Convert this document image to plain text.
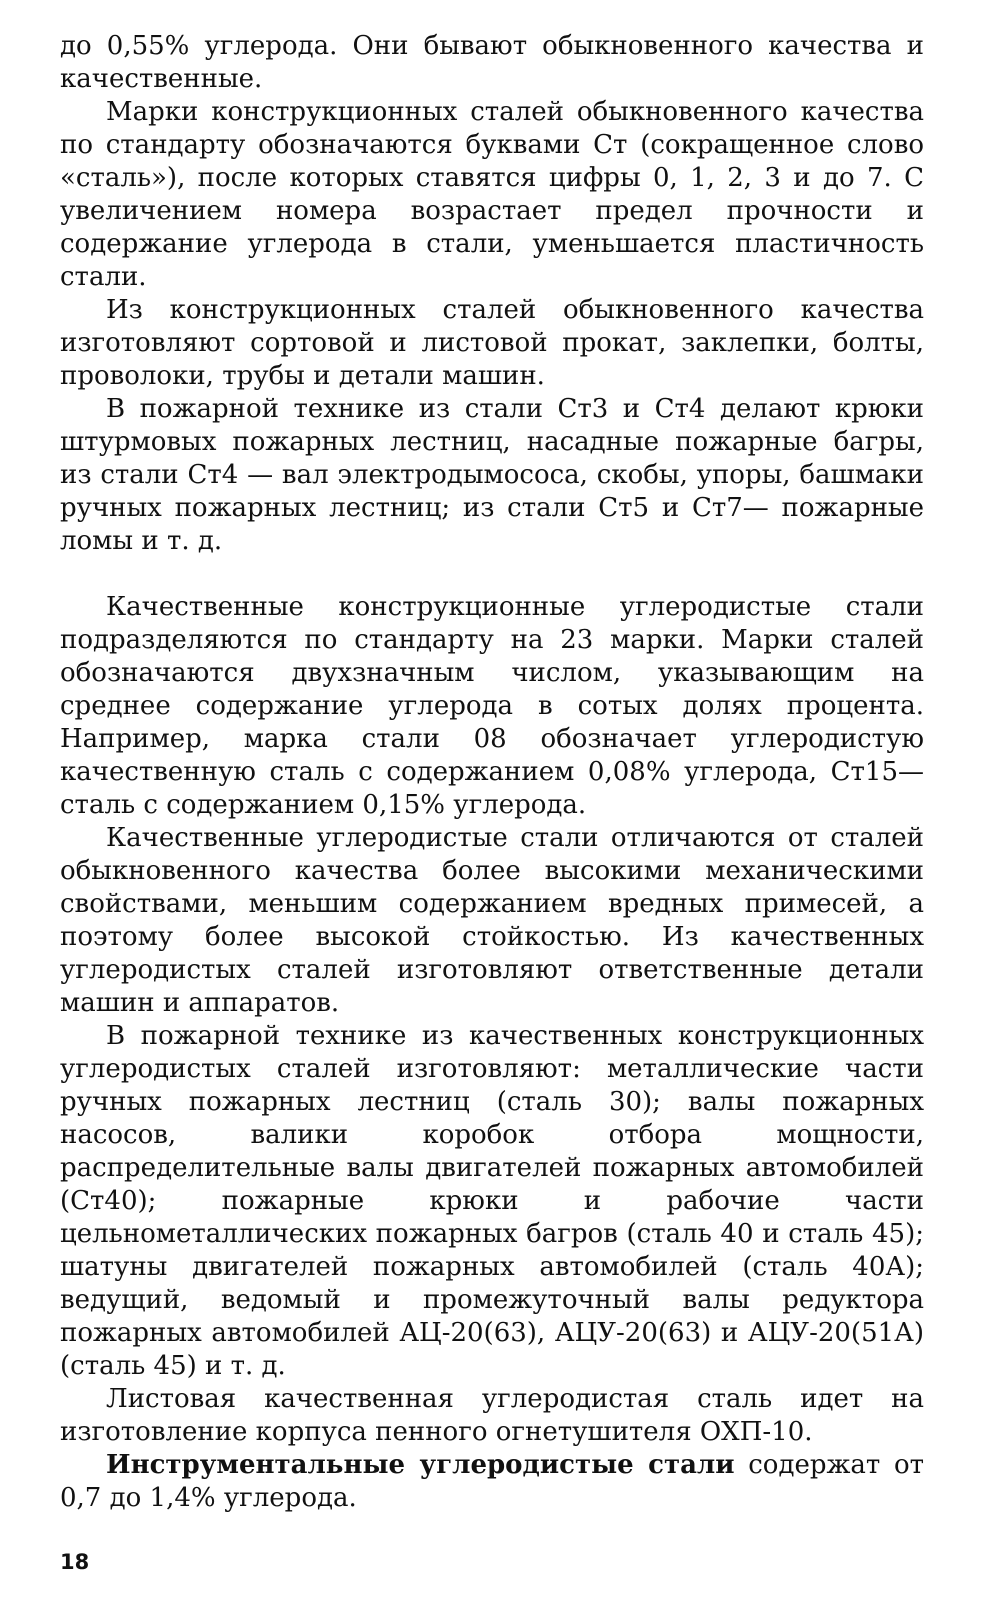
до 0,55% углерода. Они бывают обыкновенного качества и качественные.

Марки конструкционных сталей обыкновенного качества по стандарту обозначаются буквами Ст (сокращенное слово «сталь»), после которых ставятся цифры 0, 1, 2, 3 и до 7. С увеличением номера возрастает предел прочности и содержание углерода в стали, уменьшается пластичность стали.

Из конструкционных сталей обыкновенного качества изготовляют сортовой и листовой прокат, заклепки, болты, проволоки, трубы и детали машин.

В пожарной технике из стали Ст3 и Ст4 делают крюки штурмовых пожарных лестниц, насадные пожарные багры, из стали Ст4 — вал электродымососа, скобы, упоры, башмаки ручных пожарных лестниц; из стали Ст5 и Ст7— пожарные ломы и т. д.

Качественные конструкционные углеродистые стали подразделяются по стандарту на 23 марки. Марки сталей обозначаются двухзначным числом, указывающим на среднее содержание углерода в сотых долях процента. Например, марка стали 08 обозначает углеродистую качественную сталь с содержанием 0,08% углерода, Ст15—сталь с содержанием 0,15% углерода.

Качественные углеродистые стали отличаются от сталей обыкновенного качества более высокими механическими свойствами, меньшим содержанием вредных примесей, а поэтому более высокой стойкостью. Из качественных углеродистых сталей изготовляют ответственные детали машин и аппаратов.

В пожарной технике из качественных конструкционных углеродистых сталей изготовляют: металлические части ручных пожарных лестниц (сталь 30); валы пожарных насосов, валики коробок отбора мощности, распределительные валы двигателей пожарных автомобилей (Ст40); пожарные крюки и рабочие части цельнометаллических пожарных багров (сталь 40 и сталь 45); шатуны двигателей пожарных автомобилей (сталь 40А); ведущий, ведомый и промежуточный валы редуктора пожарных автомобилей АЦ-20(63), АЦУ-20(63) и АЦУ-20(51А) (сталь 45) и т. д.

Листовая качественная углеродистая сталь идет на изготовление корпуса пенного огнетушителя ОХП-10.

Инструментальные углеродистые стали содержат от 0,7 до 1,4% углерода.

18
